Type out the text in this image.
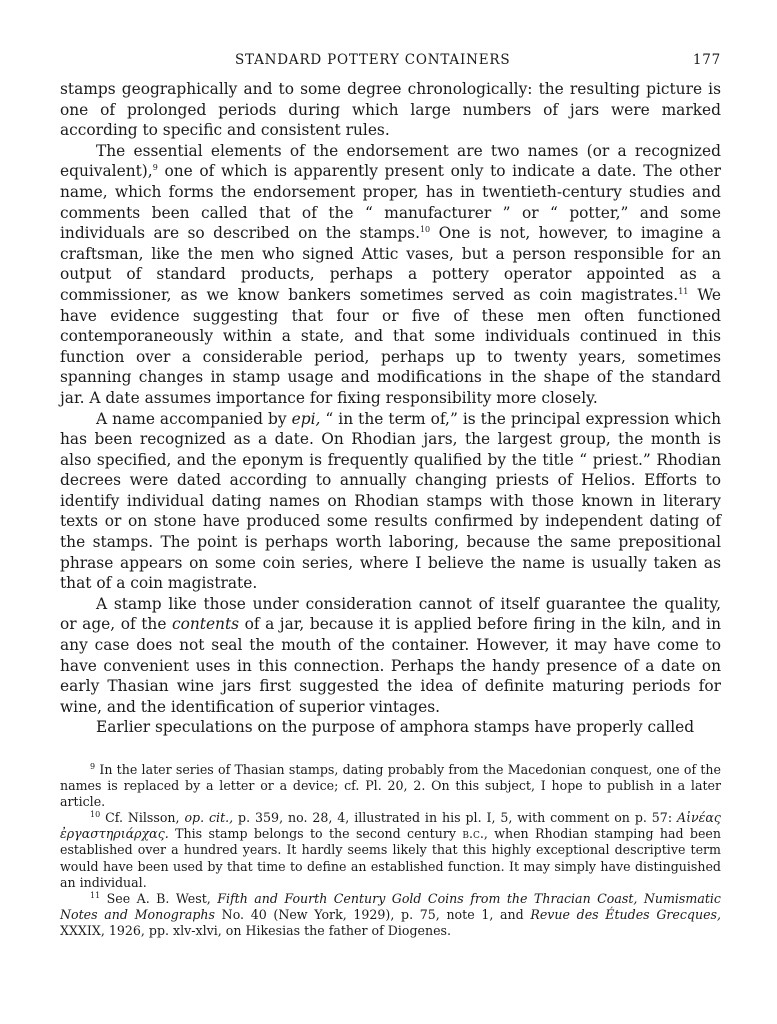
STANDARD POTTERY CONTAINERS	177

stamps geographically and to some degree chronologically: the resulting picture is one of prolonged periods during which large numbers of jars were marked according to specific and consistent rules.

The essential elements of the endorsement are two names (or a recognized equivalent),$^9$ one of which is apparently present only to indicate a date. The other name, which forms the endorsement proper, has in twentieth-century studies and comments been called that of the “ manufacturer ” or “ potter,” and some individuals are so described on the stamps.$^{10}$ One is not, however, to imagine a craftsman, like the men who signed Attic vases, but a person responsible for an output of standard products, perhaps a pottery operator appointed as a commissioner, as we know bankers sometimes served as coin magistrates.$^{11}$ We have evidence suggesting that four or five of these men often functioned contemporaneously within a state, and that some individuals continued in this function over a considerable period, perhaps up to twenty years, sometimes spanning changes in stamp usage and modifications in the shape of the standard jar. A date assumes importance for fixing responsibility more closely.

A name accompanied by epi, “ in the term of,” is the principal expression which has been recognized as a date. On Rhodian jars, the largest group, the month is also specified, and the eponym is frequently qualified by the title “ priest.” Rhodian decrees were dated according to annually changing priests of Helios. Efforts to identify individual dating names on Rhodian stamps with those known in literary texts or on stone have produced some results confirmed by independent dating of the stamps. The point is perhaps worth laboring, because the same prepositional phrase appears on some coin series, where I believe the name is usually taken as that of a coin magistrate.

A stamp like those under consideration cannot of itself guarantee the quality, or age, of the contents of a jar, because it is applied before firing in the kiln, and in any case does not seal the mouth of the container. However, it may have come to have convenient uses in this connection. Perhaps the handy presence of a date on early Thasian wine jars first suggested the idea of definite maturing periods for wine, and the identification of superior vintages.

Earlier speculations on the purpose of amphora stamps have properly called

$^9$ In the later series of Thasian stamps, dating probably from the Macedonian conquest, one of the names is replaced by a letter or a device; cf. Pl. 20, 2. On this subject, I hope to publish in a later article.

$^{10}$ Cf. Nilsson, op. cit., p. 359, no. 28, 4, illustrated in his pl. I, 5, with comment on p. 57: Αἰνέας ἐργαστηριάρχας. This stamp belongs to the second century b.c., when Rhodian stamping had been established over a hundred years. It hardly seems likely that this highly exceptional descriptive term would have been used by that time to define an established function. It may simply have distinguished an individual.

$^{11}$ See A. B. West, Fifth and Fourth Century Gold Coins from the Thracian Coast, Numismatic Notes and Monographs No. 40 (New York, 1929), p. 75, note 1, and Revue des Études Grecques, XXXIX, 1926, pp. xlv-xlvi, on Hikesias the father of Diogenes.
